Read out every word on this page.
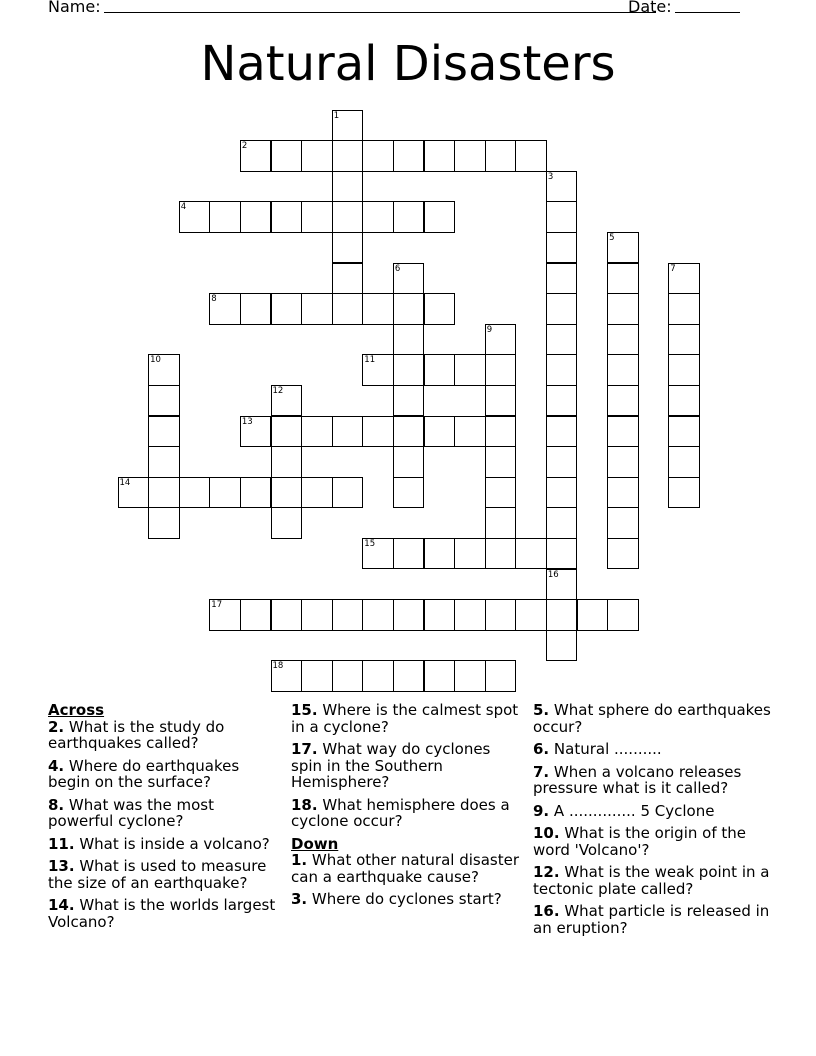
Name:	Date:
Natural Disasters
1
2
3
4
5
6	7
8
9
10	11
12
13
14
15
16
17
18
Across
2. What is the study do earthquakes called?
4. Where do earthquakes begin on the surface?
8. What was the most powerful cyclone?
11. What is inside a volcano?
13. What is used to measure the size of an earthquake?
14. What is the worlds largest Volcano?
15. Where is the calmest spot in a cyclone?
17. What way do cyclones spin in the Southern Hemisphere?
18. What hemisphere does a cyclone occur?
Down
1. What other natural disaster can a earthquake cause?
3. Where do cyclones start?
5. What sphere do earthquakes occur?
6. Natural ..........
7. When a volcano releases pressure what is it called?
9. A .............. 5 Cyclone
10. What is the origin of the word 'Volcano'?
12. What is the weak point in a tectonic plate called?
16. What particle is released in an eruption?
